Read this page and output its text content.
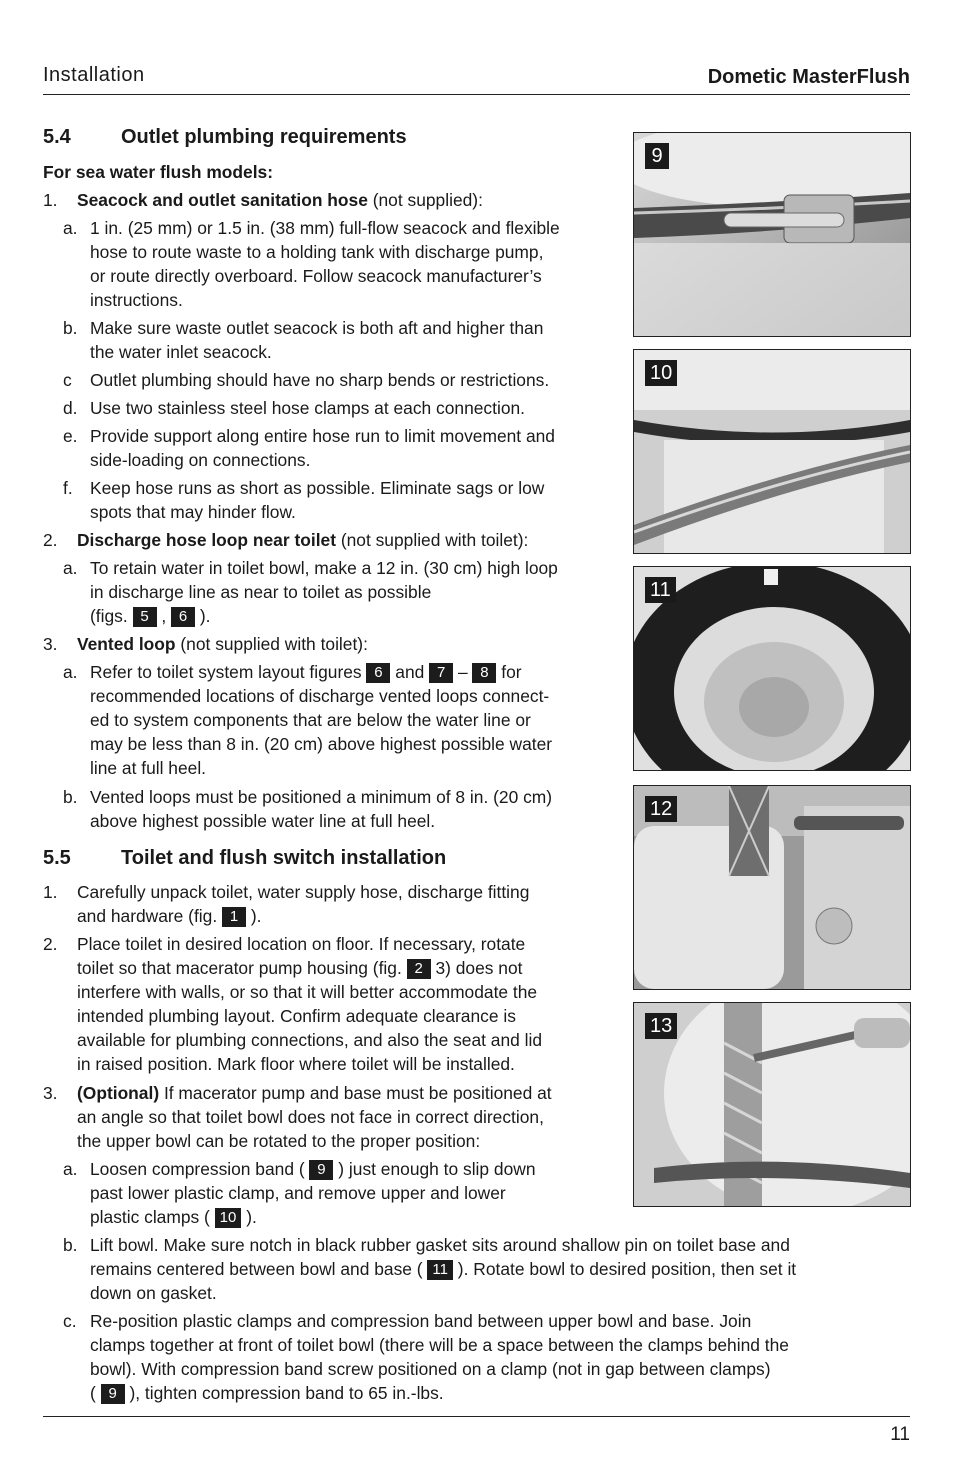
Installation	Dometic MasterFlush
5.4	Outlet plumbing requirements
For sea water flush models:
1. Seacock and outlet sanitation hose (not supplied):
a. 1 in. (25 mm) or 1.5 in. (38 mm) full-flow seacock and flexible
hose to route waste to a holding tank with discharge pump,
or route directly overboard. Follow seacock manufacturer’s
instructions.
b. Make sure waste outlet seacock is both aft and higher than
the water inlet seacock.
c Outlet plumbing should have no sharp bends or restrictions.
d. Use two stainless steel hose clamps at each connection.
e. Provide support along entire hose run to limit movement and
side-loading on connections.
f. Keep hose runs as short as possible. Eliminate sags or low
spots that may hinder flow.
2. Discharge hose loop near toilet (not supplied with toilet):
a. To retain water in toilet bowl, make a 12 in. (30 cm) high loop
in discharge line as near to toilet as possible
(figs. 5 , 6 ).
3. Vented loop (not supplied with toilet):
a. Refer to toilet system layout figures 6 and 7 – 8 for
recommended locations of discharge vented loops connect-
ed to system components that are below the water line or
may be less than 8 in. (20 cm) above highest possible water
line at full heel.
b. Vented loops must be positioned a minimum of 8 in. (20 cm)
above highest possible water line at full heel.
5.5	Toilet and flush switch installation
1. Carefully unpack toilet, water supply hose, discharge fitting
and hardware (fig. 1 ).
2. Place toilet in desired location on floor. If necessary, rotate
toilet so that macerator pump housing (fig. 2 3) does not
interfere with walls, or so that it will better accommodate the
intended plumbing layout. Confirm adequate clearance is
available for plumbing connections, and also the seat and lid
in raised position. Mark floor where toilet will be installed.
3. (Optional) If macerator pump and base must be positioned at
an angle so that toilet bowl does not face in correct direction,
the upper bowl can be rotated to the proper position:
a. Loosen compression band ( 9 ) just enough to slip down
past lower plastic clamp, and remove upper and lower
plastic clamps ( 10 ).
b. Lift bowl. Make sure notch in black rubber gasket sits around shallow pin on toilet base and
remains centered between bowl and base ( 11 ). Rotate bowl to desired position, then set it
down on gasket.
c. Re-position plastic clamps and compression band between upper bowl and base. Join
clamps together at front of toilet bowl (there will be a space between the clamps behind the
bowl). With compression band screw positioned on a clamp (not in gap between clamps)
( 9 ), tighten compression band to 65 in.-lbs.
9
10
11
12
13
11
